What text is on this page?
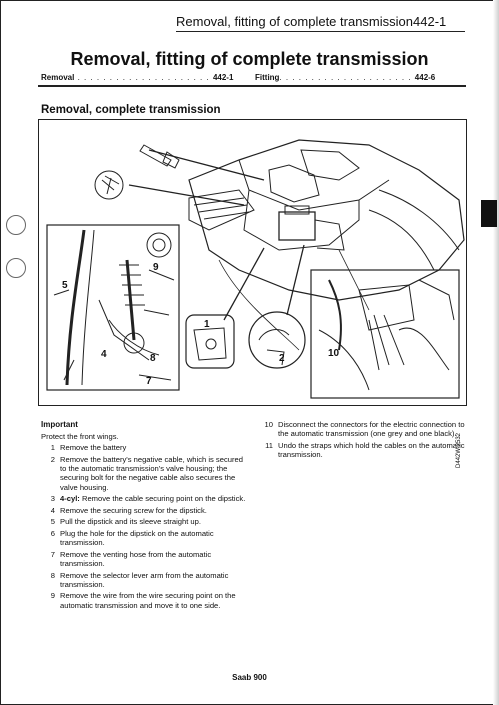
Removal, fitting of complete transmission 442-1
Removal, fitting of complete transmission
Removal . . . . . . . . . . . . . . . . . . . . . 442-1	Fitting. . . . . . . . . . . . . . . . . . . . . 442-6
Removal, complete transmission
9
5
4	8
7
1
2	10
D442W 2532
Important
Protect the front wings.
1 Remove the battery
2 Remove the battery's negative cable, which is secured to the automatic transmission's valve housing; the securing bolt for the negative cable also secures the valve housing.
3 4-cyl: Remove the cable securing point on the dipstick.
4 Remove the securing screw for the dipstick.
5 Pull the dipstick and its sleeve straight up.
6 Plug the hole for the dipstick on the automatic transmission.
7 Remove the venting hose from the automatic transmission.
8 Remove the selector lever arm from the automatic transmission.
9 Remove the wire from the wire securing point on the automatic transmission and move it to one side.
10 Disconnect the connectors for the electric connection to the automatic transmission (one grey and one black).
11 Undo the straps which hold the cables on the automatic transmission.
Saab 900
